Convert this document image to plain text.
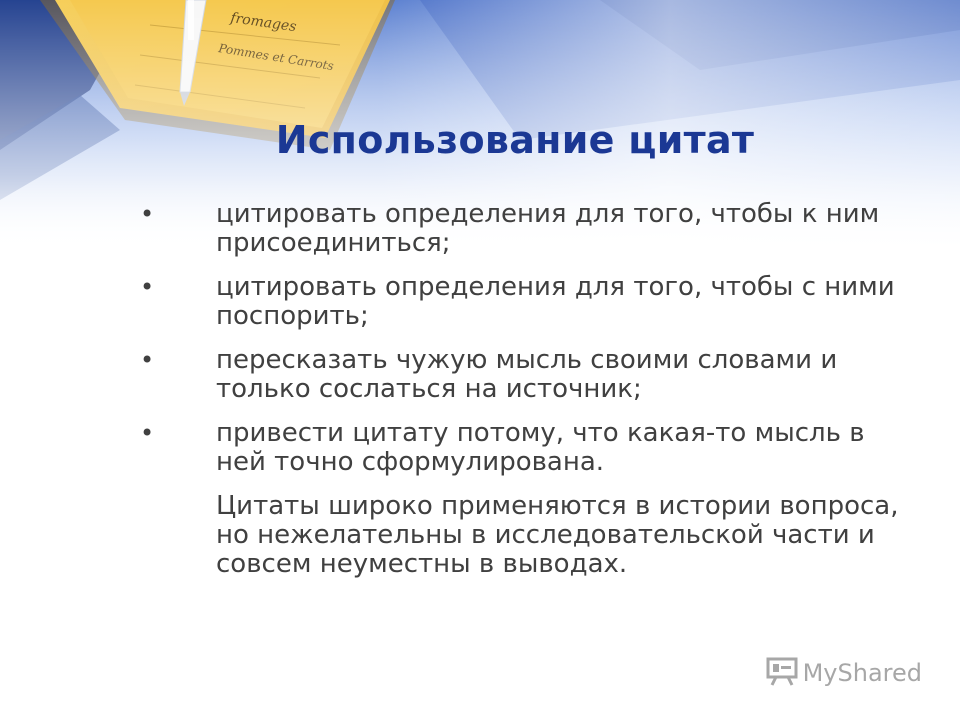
Использование цитат
• цитировать определения для того, чтобы к ним присоединиться;
• цитировать определения для того, чтобы с ними поспорить;
• пересказать чужую мысль своими словами и только сослаться на источник;
• привести цитату потому, что какая-то мысль в ней точно сформулирована.
Цитаты широко применяются в истории вопроса, но нежелательны в исследовательской части и совсем неуместны в выводах.
MyShared
